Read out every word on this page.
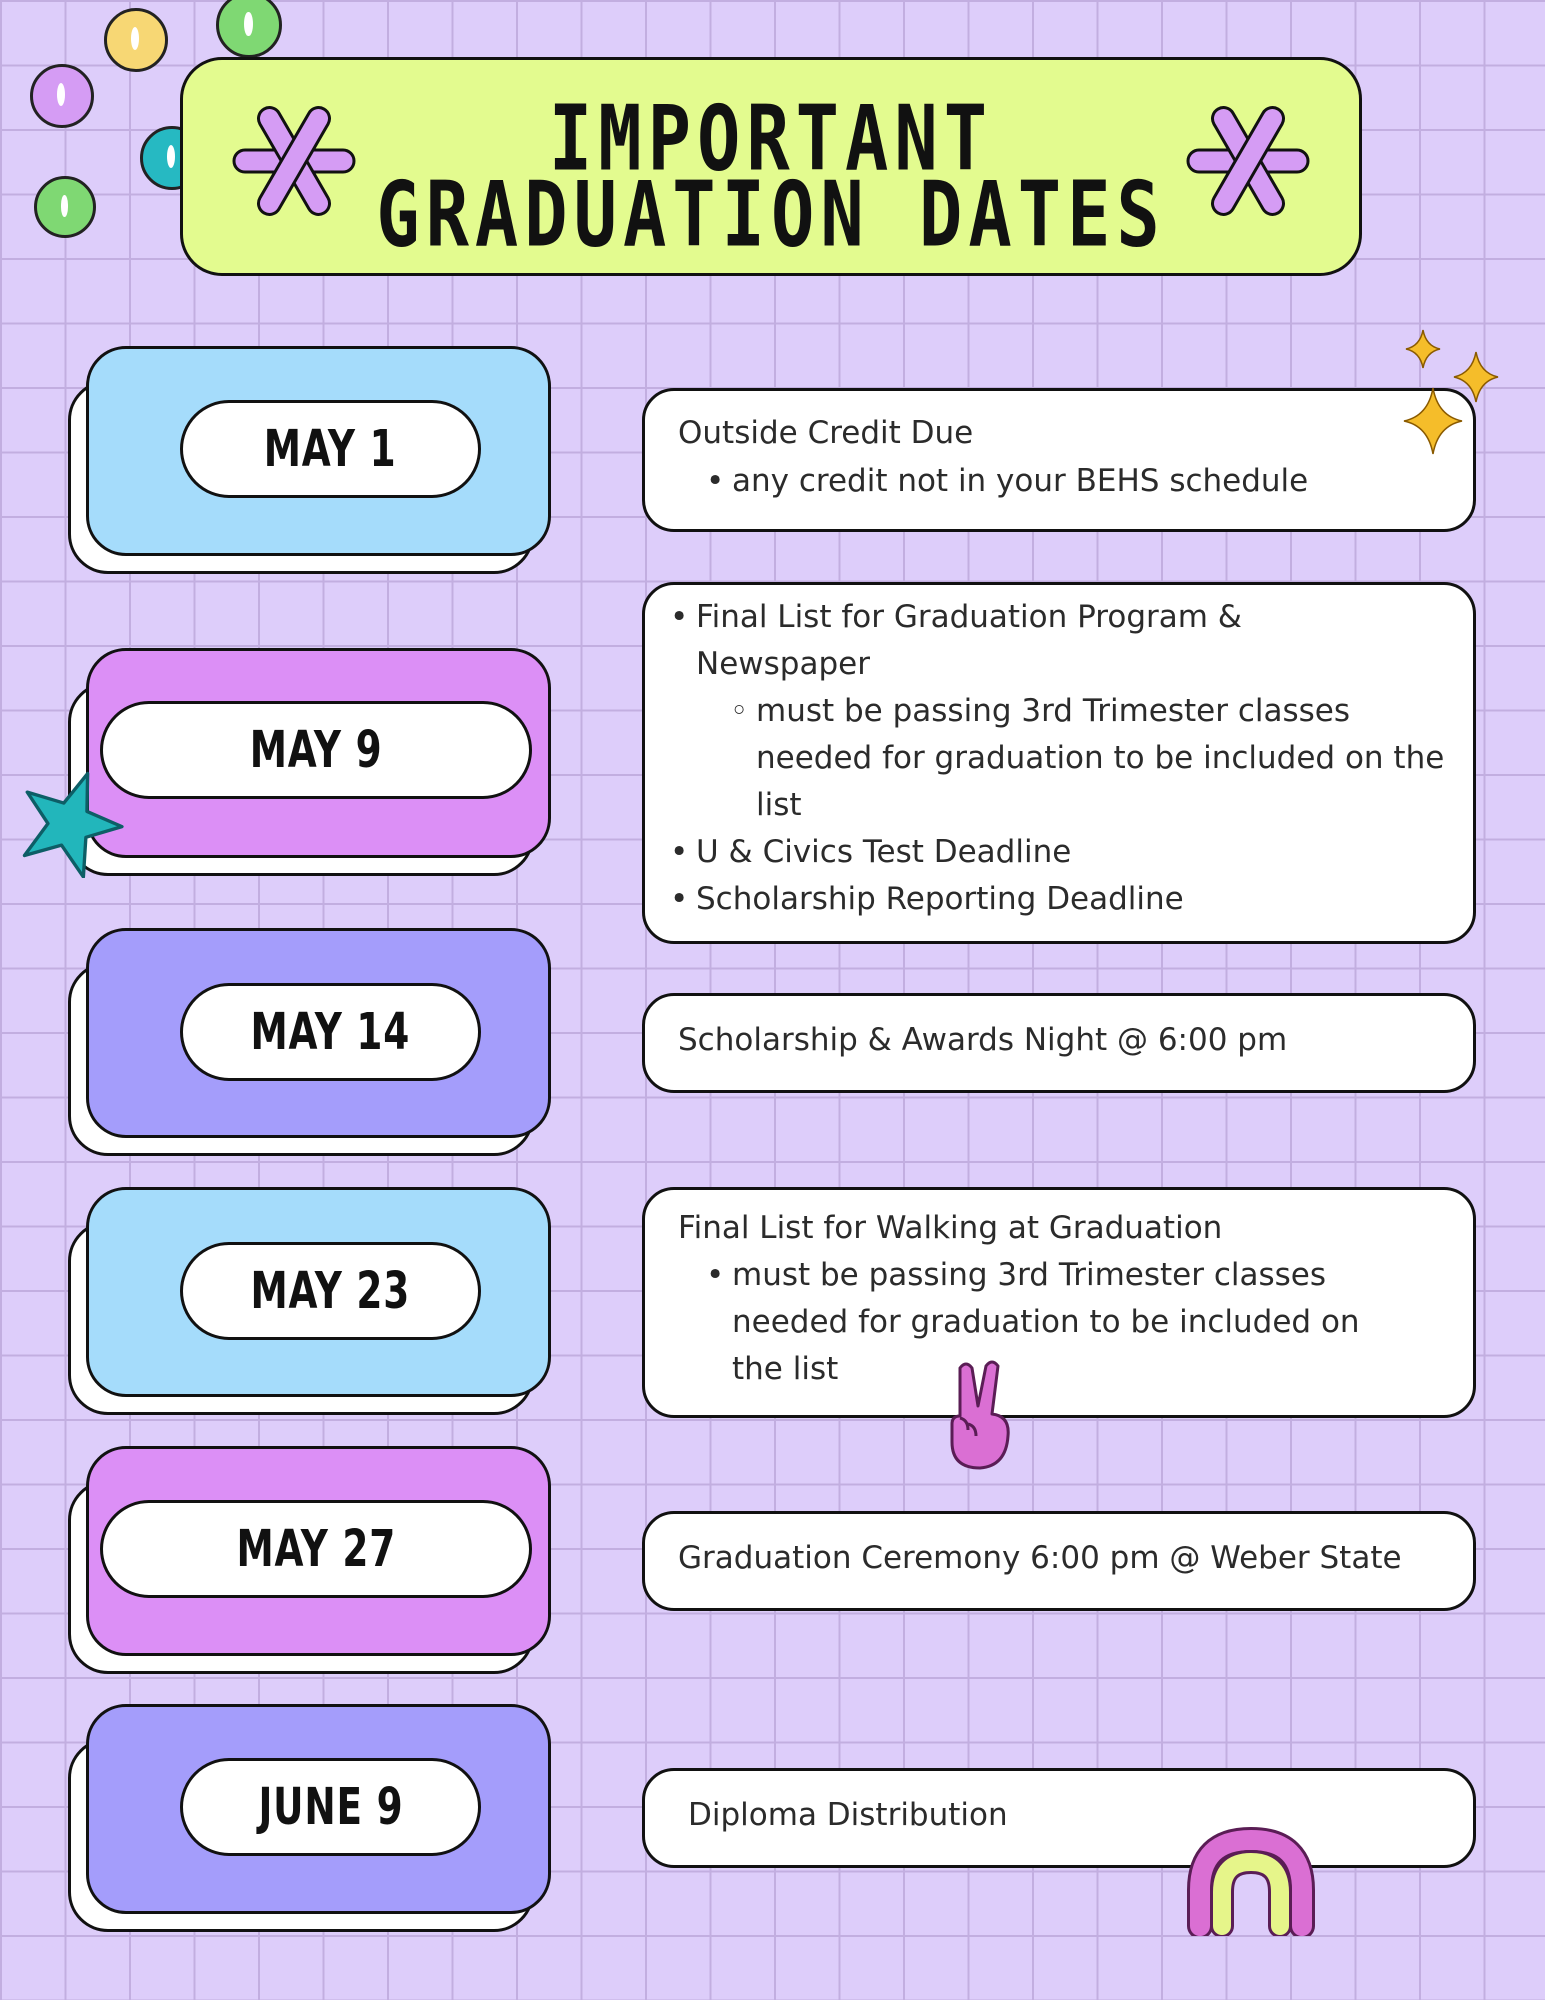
IMPORTANT
GRADUATION DATES
MAY 1
MAY 9
MAY 14
MAY 23
MAY 27
JUNE 9
Outside Credit Due
• any credit not in your BEHS schedule
• Final List for Graduation Program & Newspaper
◦ must be passing 3rd Trimester classes needed for graduation to be included on the list
• U & Civics Test Deadline
• Scholarship Reporting Deadline
Scholarship & Awards Night @ 6:00 pm
Final List for Walking at Graduation
• must be passing 3rd Trimester classes needed for graduation to be included on the list
Graduation Ceremony 6:00 pm @ Weber State
Diploma Distribution
